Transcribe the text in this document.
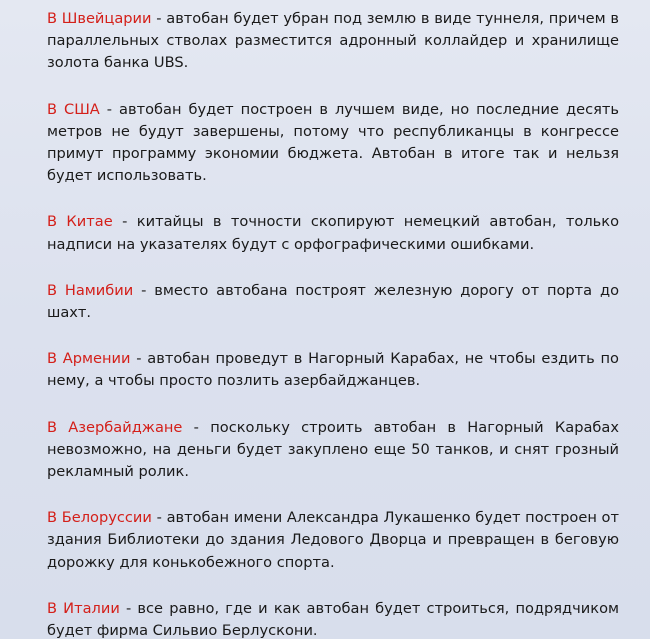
В Швейцарии - автобан будет убран под землю в виде туннеля, причем в параллельных стволах разместится адронный коллайдер и хранилище золота банка UBS.

В США - автобан будет построен в лучшем виде, но последние десять метров не будут завершены, потому что республиканцы в конгрессе примут программу экономии бюджета. Автобан в итоге так и нельзя будет использовать.

В Китае - китайцы в точности скопируют немецкий автобан, только надписи на указателях будут с орфографическими ошибками.

В Намибии - вместо автобана построят железную дорогу от порта до шахт.

В Армении - автобан проведут в Нагорный Карабах, не чтобы ездить по нему, а чтобы просто позлить азербайджанцев.

В Азербайджане - поскольку строить автобан в Нагорный Карабах невозможно, на деньги будет закуплено еще 50 танков, и снят грозный рекламный ролик.

В Белоруссии - автобан имени Александра Лукашенко будет построен от здания Библиотеки до здания Ледового Дворца и превращен в беговую дорожку для конькобежного спорта.

В Италии - все равно, где и как автобан будет строиться, подрядчиком будет фирма Сильвио Берлускони.
